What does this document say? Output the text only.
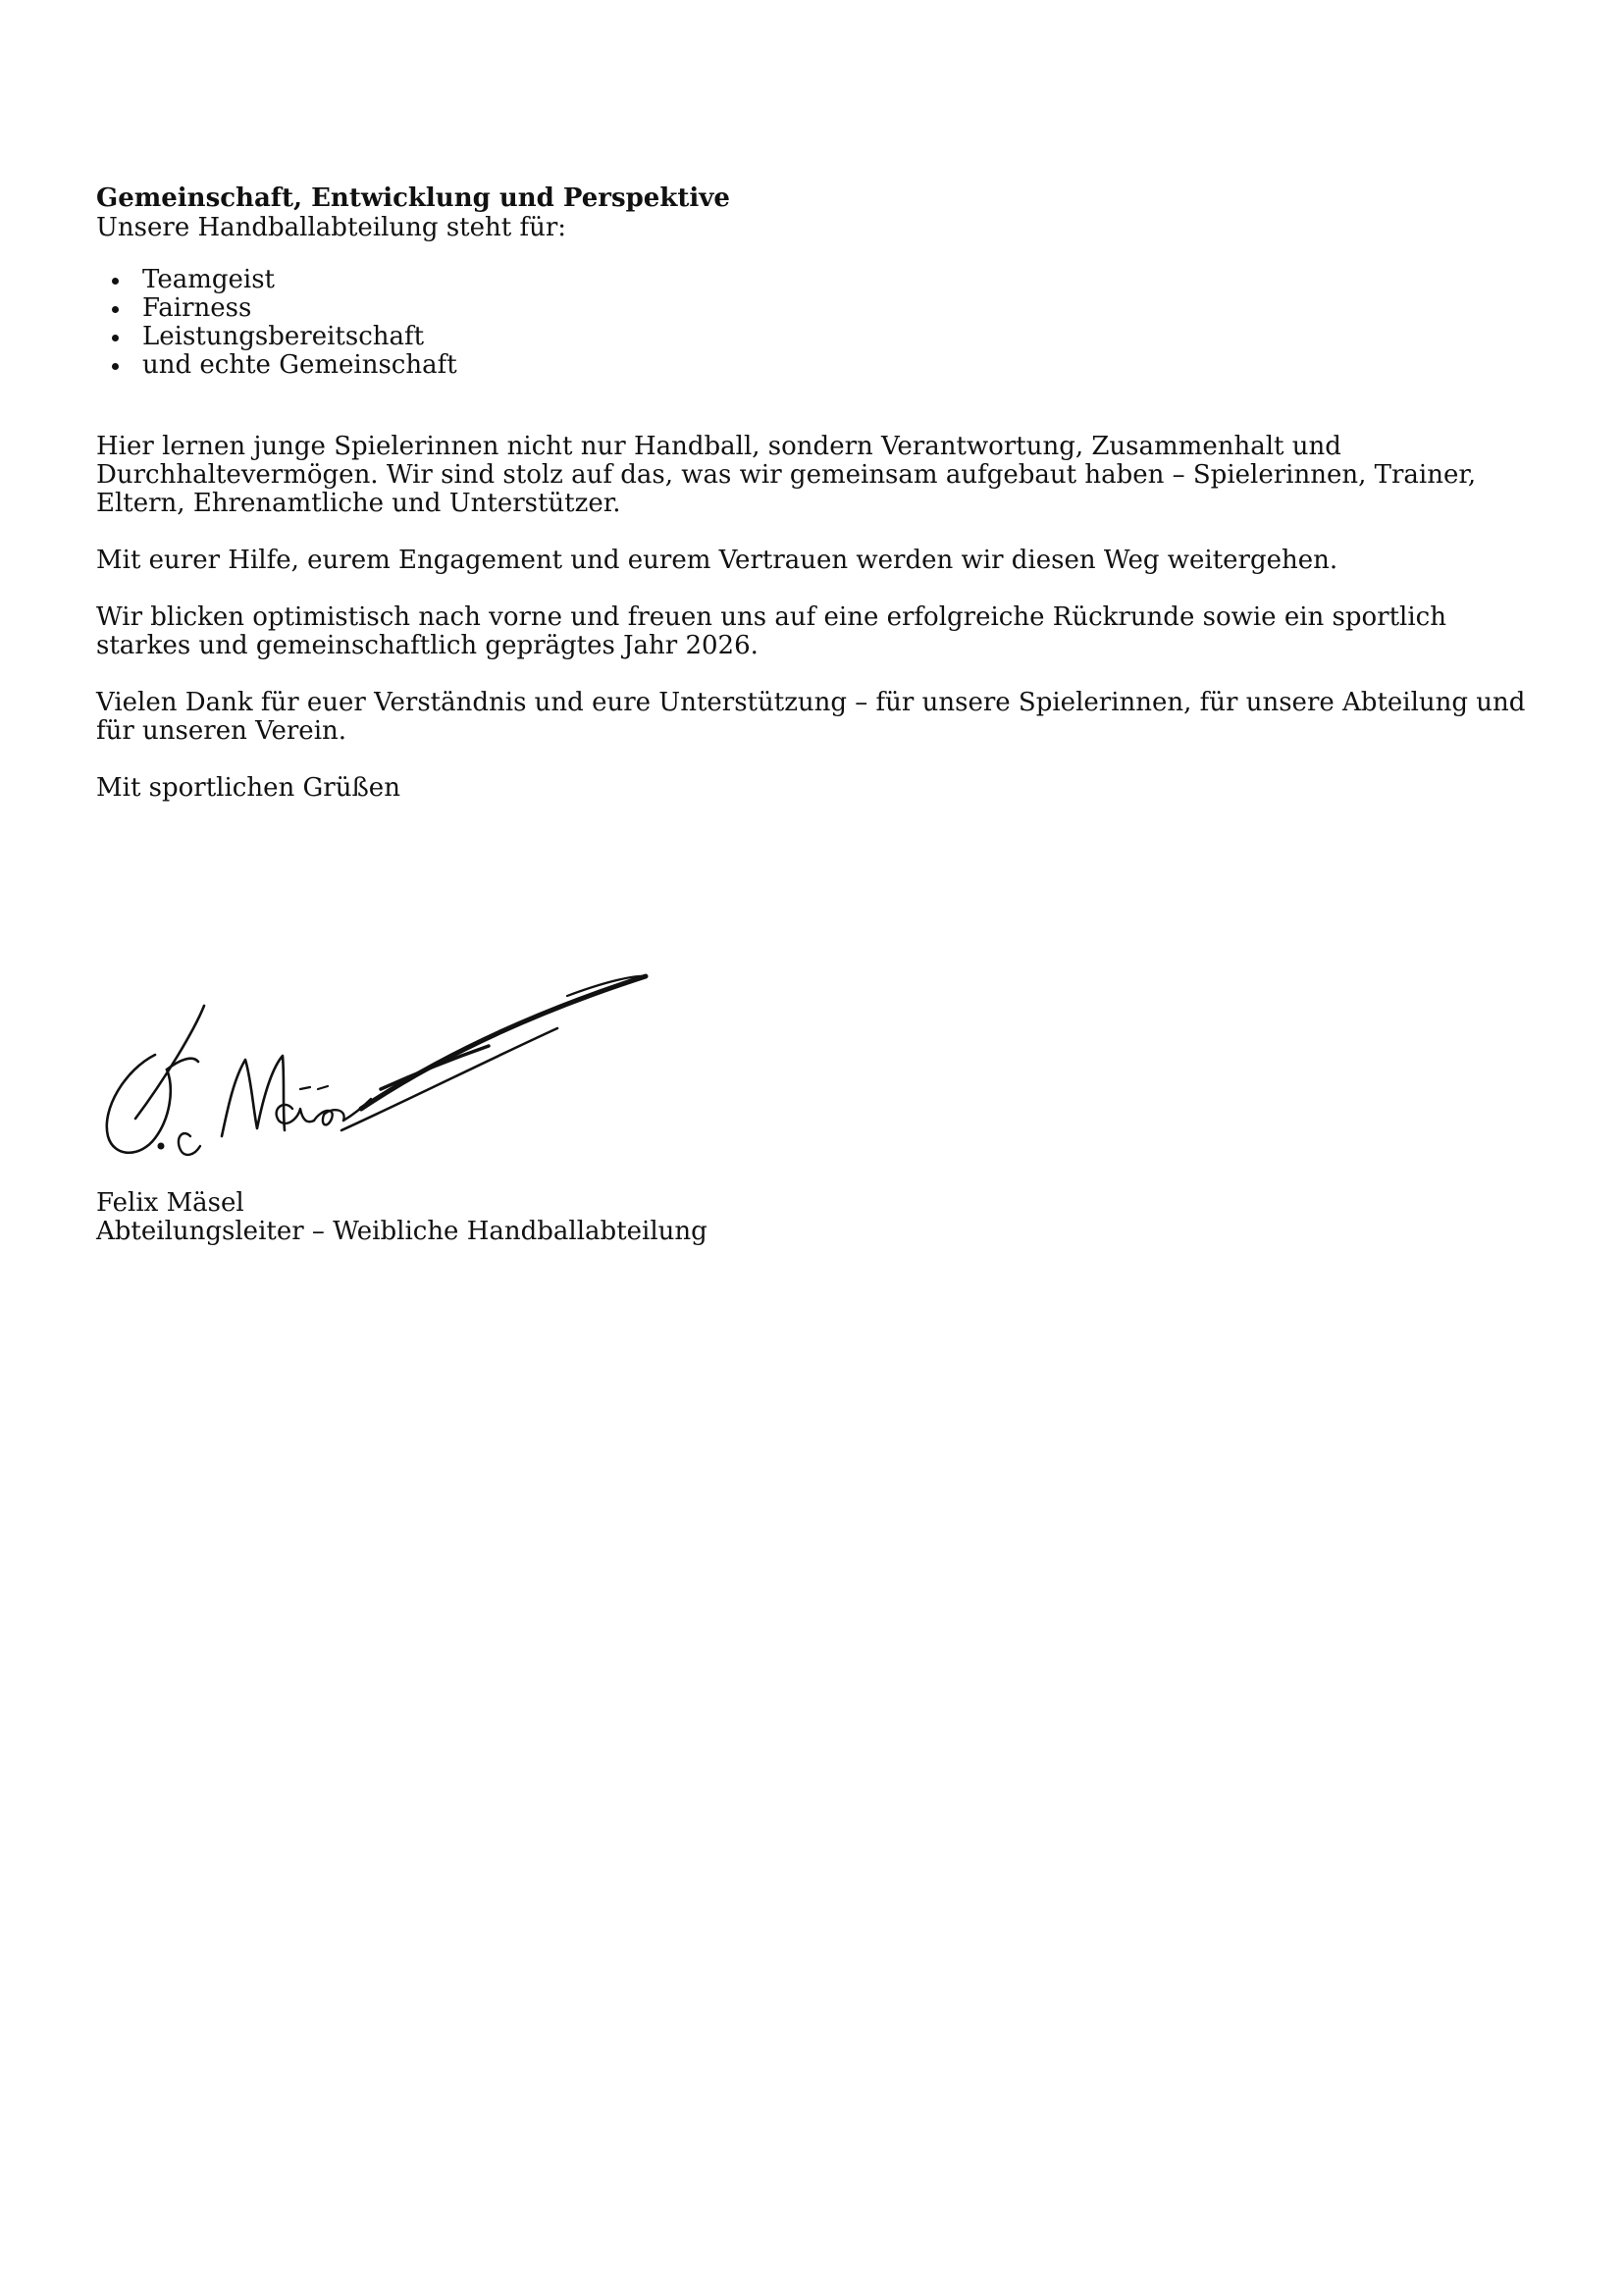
Gemeinschaft, Entwicklung und Perspektive

Unsere Handballabteilung steht für:

Teamgeist
Fairness
Leistungsbereitschaft
und echte Gemeinschaft

Hier lernen junge Spielerinnen nicht nur Handball, sondern Verantwortung, Zusammenhalt und Durchhaltevermögen. Wir sind stolz auf das, was wir gemeinsam aufgebaut haben – Spielerinnen, Trainer, Eltern, Ehrenamtliche und Unterstützer.

Mit eurer Hilfe, eurem Engagement und eurem Vertrauen werden wir diesen Weg weitergehen.

Wir blicken optimistisch nach vorne und freuen uns auf eine erfolgreiche Rückrunde sowie ein sportlich starkes und gemeinschaftlich geprägtes Jahr 2026.

Vielen Dank für euer Verständnis und eure Unterstützung – für unsere Spielerinnen, für unsere Abteilung und für unseren Verein.

Mit sportlichen Grüßen

Felix Mäsel
Abteilungsleiter – Weibliche Handballabteilung
